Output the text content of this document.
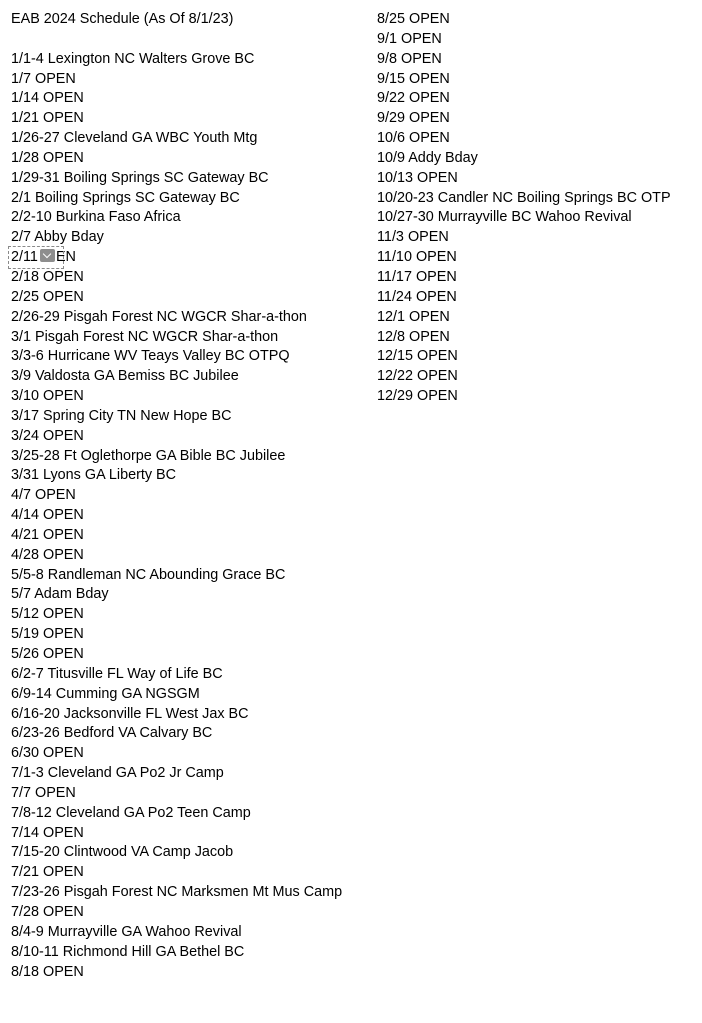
EAB 2024 Schedule (As Of 8/1/23)
1/1-4 Lexington NC Walters Grove BC
1/7 OPEN
1/14 OPEN
1/21 OPEN
1/26-27 Cleveland GA WBC Youth Mtg
1/28 OPEN
1/29-31 Boiling Springs SC Gateway BC
2/1 Boiling Springs SC Gateway BC
2/2-10 Burkina Faso Africa
2/7 Abby Bday
2/11 EN
2/18 OPEN
2/25 OPEN
2/26-29 Pisgah Forest NC WGCR Shar-a-thon
3/1 Pisgah Forest NC WGCR Shar-a-thon
3/3-6 Hurricane WV Teays Valley BC OTPQ
3/9 Valdosta GA Bemiss BC Jubilee
3/10 OPEN
3/17 Spring City TN New Hope BC
3/24 OPEN
3/25-28 Ft Oglethorpe GA Bible BC Jubilee
3/31 Lyons GA Liberty BC
4/7 OPEN
4/14 OPEN
4/21 OPEN
4/28 OPEN
5/5-8 Randleman NC Abounding Grace BC
5/7 Adam Bday
5/12 OPEN
5/19 OPEN
5/26 OPEN
6/2-7 Titusville FL Way of Life BC
6/9-14 Cumming GA NGSGM
6/16-20 Jacksonville FL West Jax BC
6/23-26 Bedford VA Calvary BC
6/30 OPEN
7/1-3 Cleveland GA Po2 Jr Camp
7/7 OPEN
7/8-12 Cleveland GA Po2 Teen Camp
7/14 OPEN
7/15-20 Clintwood VA Camp Jacob
7/21 OPEN
7/23-26 Pisgah Forest NC Marksmen Mt Mus Camp
7/28 OPEN
8/4-9 Murrayville GA Wahoo Revival
8/10-11 Richmond Hill GA Bethel BC
8/18 OPEN
8/25 OPEN
9/1 OPEN
9/8 OPEN
9/15 OPEN
9/22 OPEN
9/29 OPEN
10/6 OPEN
10/9 Addy Bday
10/13 OPEN
10/20-23 Candler NC Boiling Springs BC OTP
10/27-30 Murrayville BC Wahoo Revival
11/3 OPEN
11/10 OPEN
11/17 OPEN
11/24 OPEN
12/1 OPEN
12/8 OPEN
12/15 OPEN
12/22 OPEN
12/29 OPEN
